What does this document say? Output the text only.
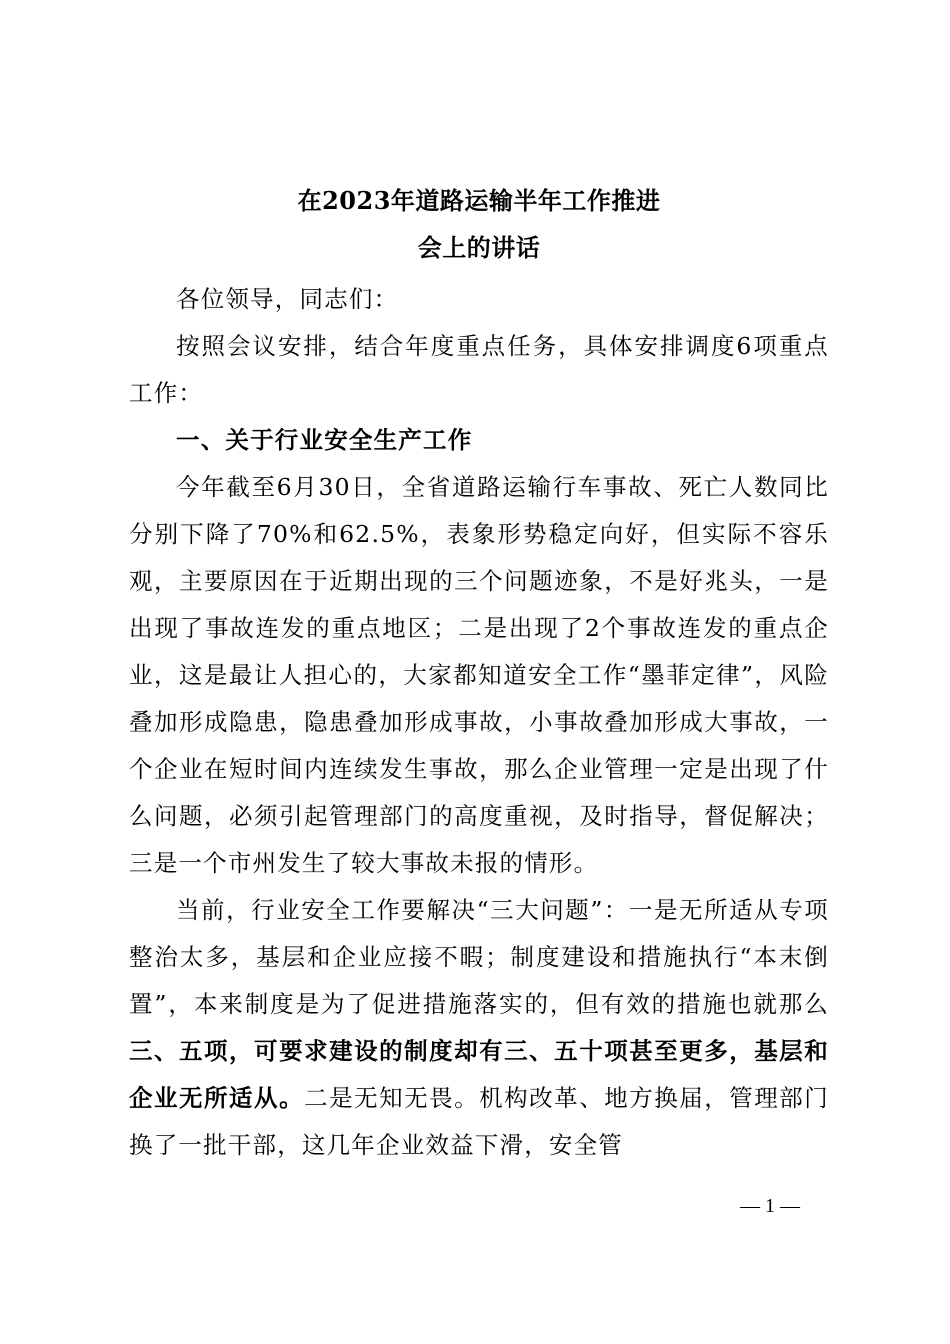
在2023年道路运输半年工作推进
会上的讲话

各位领导，同志们：

按照会议安排，结合年度重点任务，具体安排调度6项重点工作：

一、关于行业安全生产工作

今年截至6月30日，全省道路运输行车事故、死亡人数同比分别下降了70%和62.5%，表象形势稳定向好，但实际不容乐观，主要原因在于近期出现的三个问题迹象，不是好兆头，一是出现了事故连发的重点地区；二是出现了2个事故连发的重点企业，这是最让人担心的，大家都知道安全工作“墨菲定律”，风险叠加形成隐患，隐患叠加形成事故，小事故叠加形成大事故，一个企业在短时间内连续发生事故，那么企业管理一定是出现了什么问题，必须引起管理部门的高度重视，及时指导，督促解决；三是一个市州发生了较大事故未报的情形。

当前，行业安全工作要解决“三大问题”：一是无所适从专项整治太多，基层和企业应接不暇；制度建设和措施执行“本末倒置”，本来制度是为了促进措施落实的，但有效的措施也就那么三、五项，可要求建设的制度却有三、五十项甚至更多，基层和企业无所适从。二是无知无畏。机构改革、地方换届，管理部门换了一批干部，这几年企业效益下滑，安全管

— 1 —
